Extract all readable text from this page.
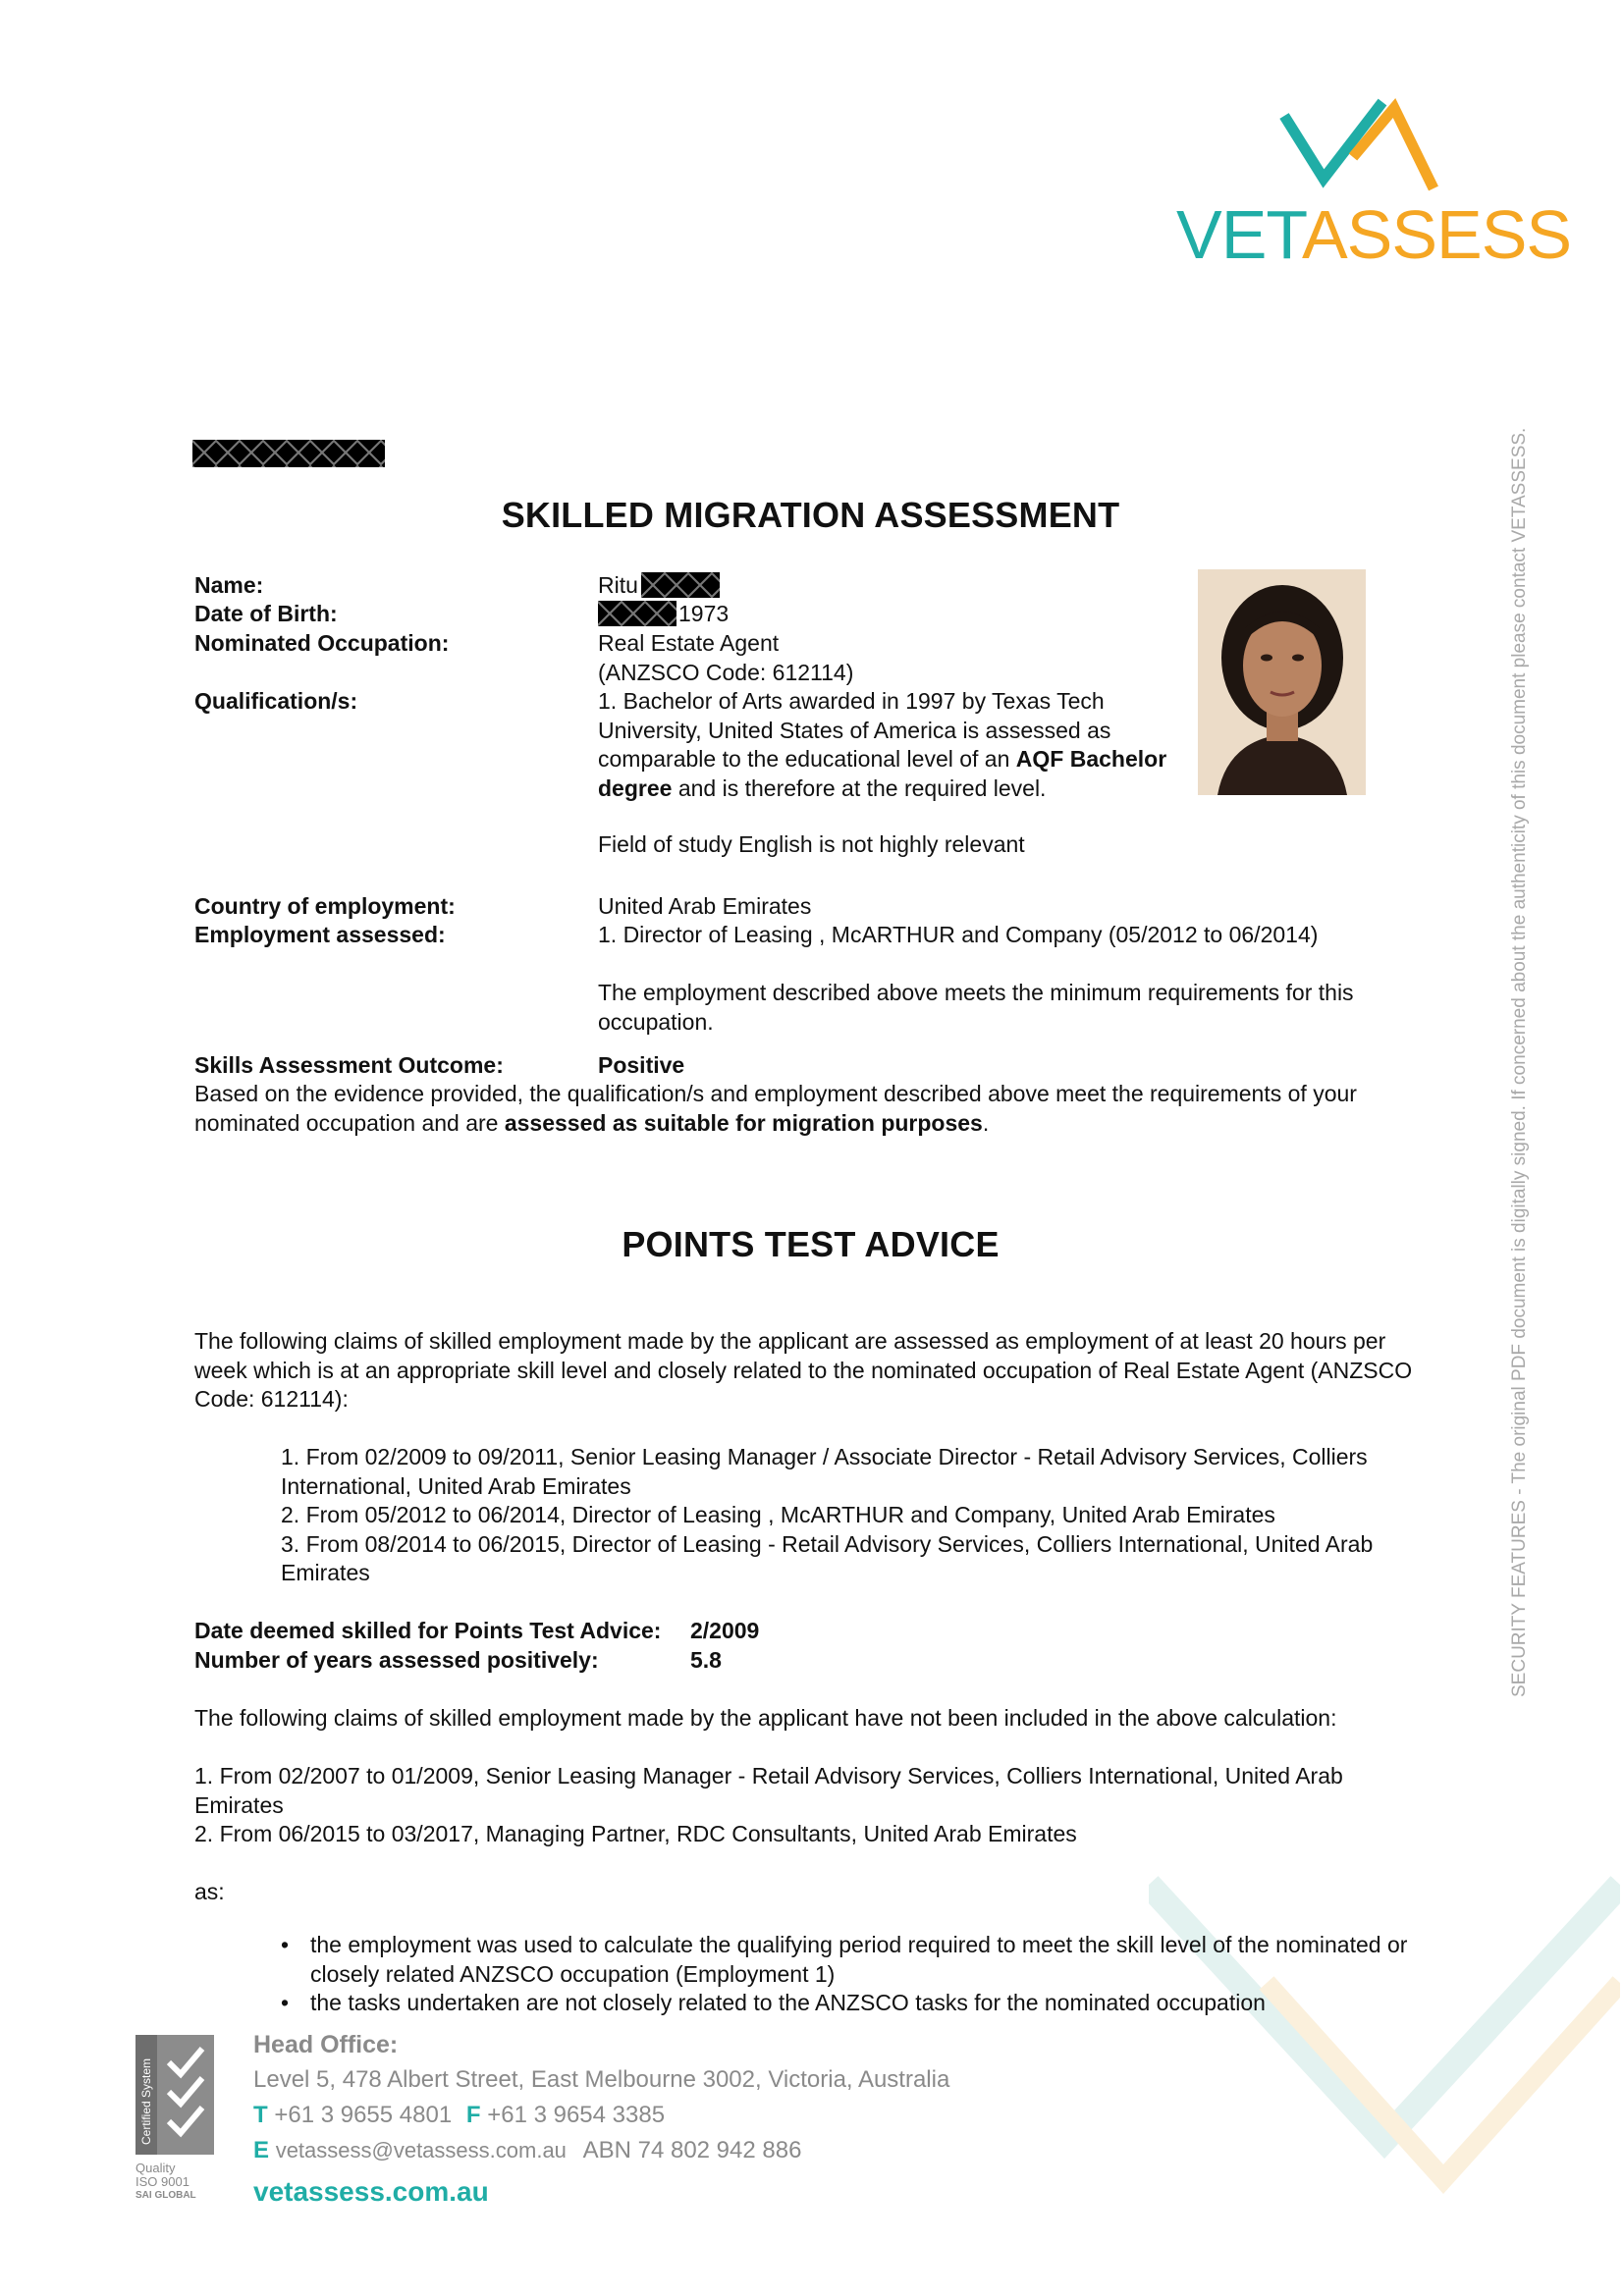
VETASSESS
SECURITY FEATURES - The original PDF document is digitally signed. If concerned about the authenticity of this document please contact VETASSESS.
SKILLED MIGRATION ASSESSMENT
Name:	Ritu
Date of Birth:	1973
Nominated Occupation:	Real Estate Agent
(ANZSCO Code: 612114)
Qualification/s:	1. Bachelor of Arts awarded in 1997 by Texas Tech University, United States of America is assessed as comparable to the educational level of an AQF Bachelor degree and is therefore at the required level.
Field of study English is not highly relevant
Country of employment:	United Arab Emirates
Employment assessed:	1. Director of Leasing , McARTHUR and Company (05/2012 to 06/2014)
The employment described above meets the minimum requirements for this occupation.
Skills Assessment Outcome:	Positive
Based on the evidence provided, the qualification/s and employment described above meet the requirements of your nominated occupation and are assessed as suitable for migration purposes.
POINTS TEST ADVICE
The following claims of skilled employment made by the applicant are assessed as employment of at least 20 hours per week which is at an appropriate skill level and closely related to the nominated occupation of Real Estate Agent (ANZSCO Code: 612114):
1. From 02/2009 to 09/2011, Senior Leasing Manager / Associate Director - Retail Advisory Services, Colliers International, United Arab Emirates
2. From 05/2012 to 06/2014, Director of Leasing , McARTHUR and Company, United Arab Emirates
3. From 08/2014 to 06/2015, Director of Leasing - Retail Advisory Services, Colliers International, United Arab Emirates
Date deemed skilled for Points Test Advice: 2/2009
Number of years assessed positively:	5.8
The following claims of skilled employment made by the applicant have not been included in the above calculation:
1. From 02/2007 to 01/2009, Senior Leasing Manager - Retail Advisory Services, Colliers International, United Arab Emirates
2. From 06/2015 to 03/2017, Managing Partner, RDC Consultants, United Arab Emirates
as:
• the employment was used to calculate the qualifying period required to meet the skill level of the nominated or closely related ANZSCO occupation (Employment 1)
• the tasks undertaken are not closely related to the ANZSCO tasks for the nominated occupation
Certified System
Quality
ISO 9001
SAI GLOBAL
Head Office:
Level 5, 478 Albert Street, East Melbourne 3002, Victoria, Australia
T +61 3 9655 4801 F +61 3 9654 3385
E vetassess@vetassess.com.au ABN 74 802 942 886
vetassess.com.au
